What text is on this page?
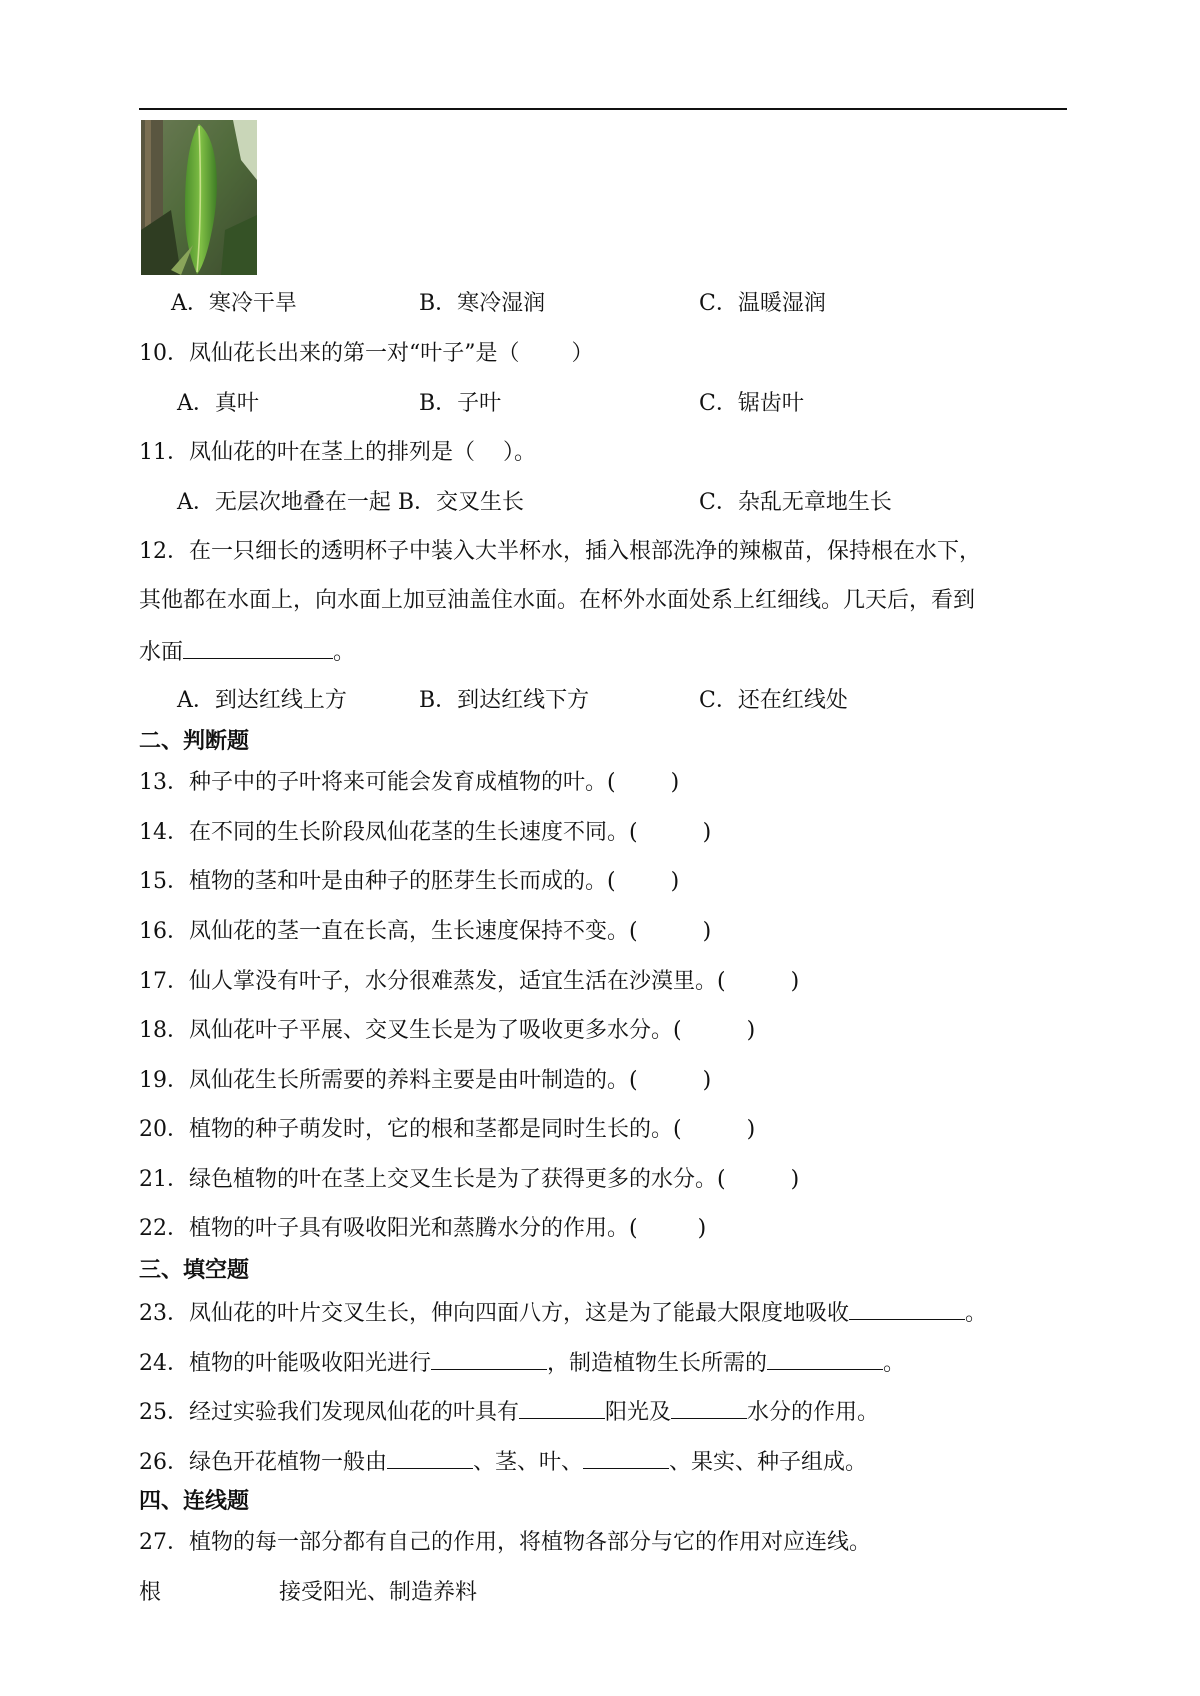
A．寒冷干旱	B．寒冷湿润	C．温暖湿润
10．凤仙花长出来的第一对“叶子”是（ ）
A．真叶	B．子叶	C．锯齿叶
11．凤仙花的叶在茎上的排列是（ ）。
A．无层次地叠在一起 B．交叉生长	C．杂乱无章地生长
12．在一只细长的透明杯子中装入大半杯水，插入根部洗净的辣椒苗，保持根在水下，
其他都在水面上，向水面上加豆油盖住水面。在杯外水面处系上红细线。几天后，看到
水面	。
A．到达红线上方	B．到达红线下方	C．还在红线处
二、判断题
13．种子中的子叶将来可能会发育成植物的叶。(	)
14．在不同的生长阶段凤仙花茎的生长速度不同。(	)
15．植物的茎和叶是由种子的胚芽生长而成的。(	)
16．凤仙花的茎一直在长高，生长速度保持不变。(	)
17．仙人掌没有叶子，水分很难蒸发，适宜生活在沙漠里。(	)
18．凤仙花叶子平展、交叉生长是为了吸收更多水分。(	)
19．凤仙花生长所需要的养料主要是由叶制造的。(	)
20．植物的种子萌发时，它的根和茎都是同时生长的。(	)
21．绿色植物的叶在茎上交叉生长是为了获得更多的水分。(	)
22．植物的叶子具有吸收阳光和蒸腾水分的作用。(	)
三、填空题
23．凤仙花的叶片交叉生长，伸向四面八方，这是为了能最大限度地吸收	。
24．植物的叶能吸收阳光进行	，制造植物生长所需的	。
25．经过实验我们发现凤仙花的叶具有	阳光及	水分的作用。
26．绿色开花植物一般由	、茎、叶、	、果实、种子组成。
四、连线题
27．植物的每一部分都有自己的作用，将植物各部分与它的作用对应连线。
根	接受阳光、制造养料
